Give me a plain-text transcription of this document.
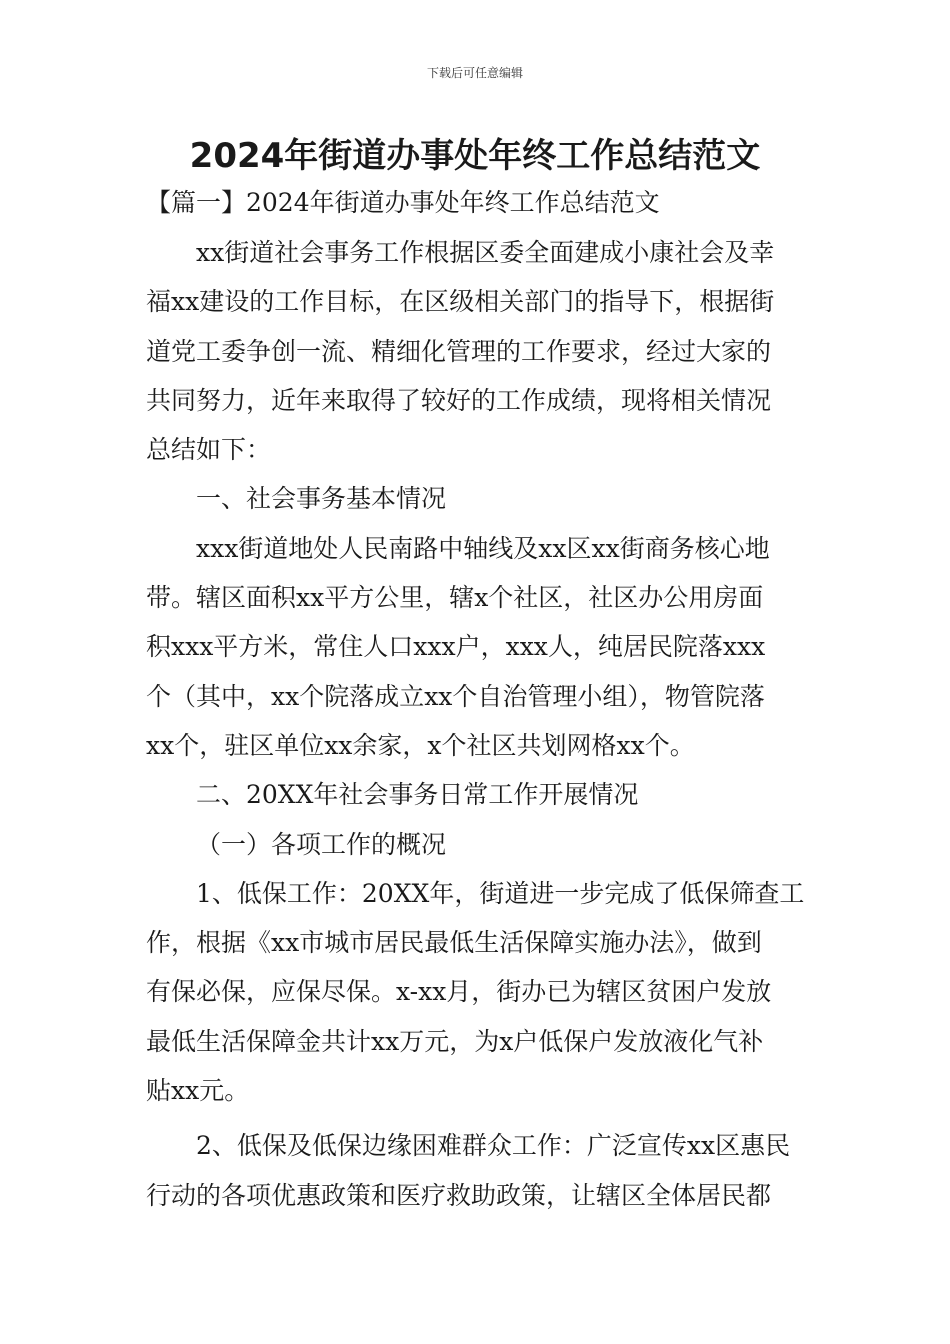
下载后可任意编辑
2024年街道办事处年终工作总结范文
【篇一】2024年街道办事处年终工作总结范文
xx街道社会事务工作根据区委全面建成小康社会及幸
福xx建设的工作目标，在区级相关部门的指导下，根据街
道党工委争创一流、精细化管理的工作要求，经过大家的
共同努力，近年来取得了较好的工作成绩，现将相关情况
总结如下：
一、社会事务基本情况
xxx街道地处人民南路中轴线及xx区xx街商务核心地
带。辖区面积xx平方公里，辖x个社区，社区办公用房面
积xxx平方米，常住人口xxx户，xxx人，纯居民院落xxx
个（其中，xx个院落成立xx个自治管理小组），物管院落
xx个，驻区单位xx余家，x个社区共划网格xx个。
二、20XX年社会事务日常工作开展情况
（一）各项工作的概况
1、低保工作：20XX年，街道进一步完成了低保筛查工
作，根据《xx市城市居民最低生活保障实施办法》，做到
有保必保，应保尽保。x-xx月，街办已为辖区贫困户发放
最低生活保障金共计xx万元，为x户低保户发放液化气补
贴xx元。
2、低保及低保边缘困难群众工作：广泛宣传xx区惠民
行动的各项优惠政策和医疗救助政策，让辖区全体居民都
